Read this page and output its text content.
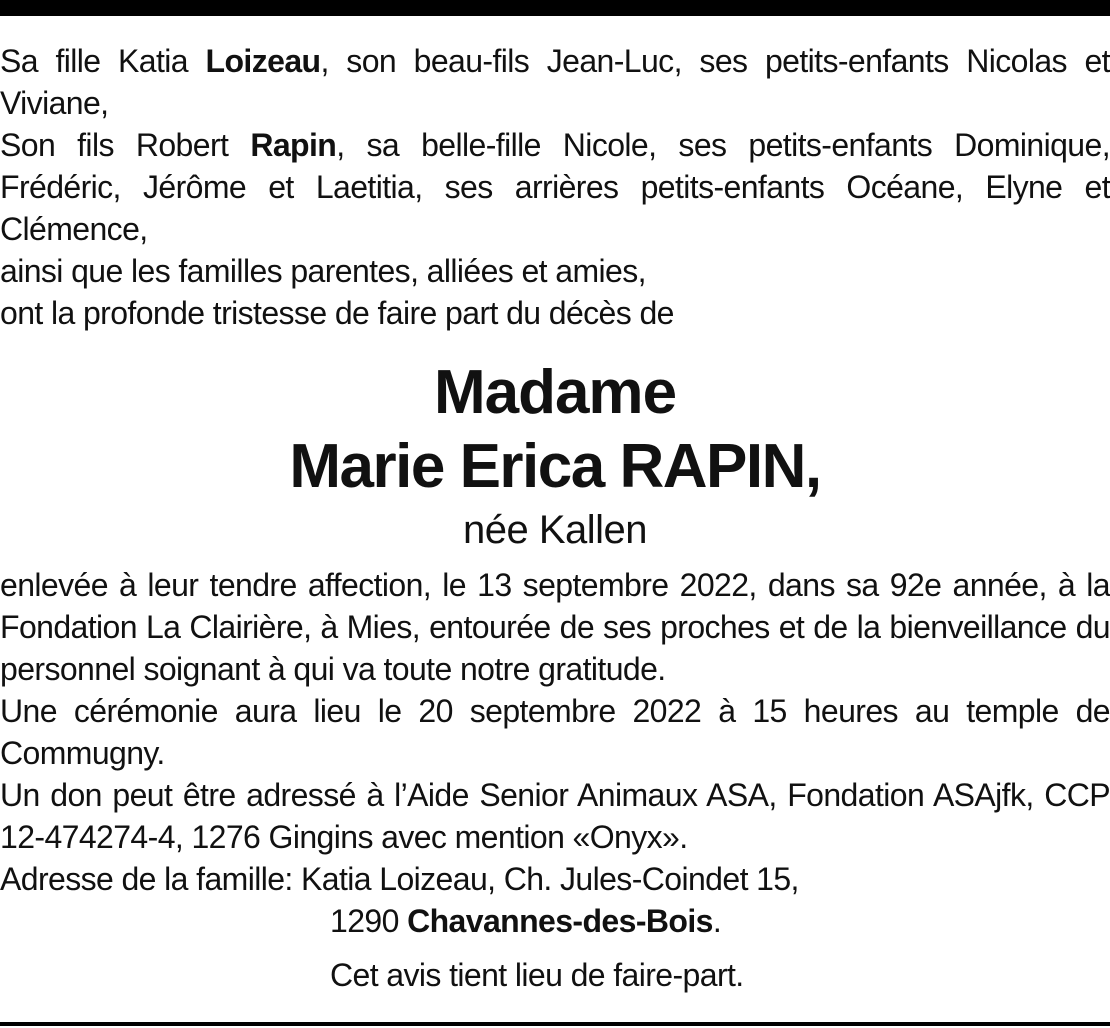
Sa fille Katia Loizeau, son beau-fils Jean-Luc, ses petits-enfants Nicolas et Viviane,

Son fils Robert Rapin, sa belle-fille Nicole, ses petits-enfants Dominique, Frédéric, Jérôme et Laetitia, ses arrières petits-enfants Océane, Elyne et Clémence,

ainsi que les familles parentes, alliées et amies,

ont la profonde tristesse de faire part du décès de

Madame
Marie Erica RAPIN,
née Kallen

enlevée à leur tendre affection, le 13 septembre 2022, dans sa 92e année, à la Fondation La Clairière, à Mies, entourée de ses proches et de la bienveillance du personnel soignant à qui va toute notre gratitude.

Une cérémonie aura lieu le 20 septembre 2022 à 15 heures au temple de Commugny.

Un don peut être adressé à l’Aide Senior Animaux ASA, Fondation ASAjfk, CCP 12-474274-4, 1276 Gingins avec mention «Onyx».

Adresse de la famille: Katia Loizeau, Ch. Jules-Coindet 15,
1290 Chavannes-des-Bois.
Cet avis tient lieu de faire-part.
